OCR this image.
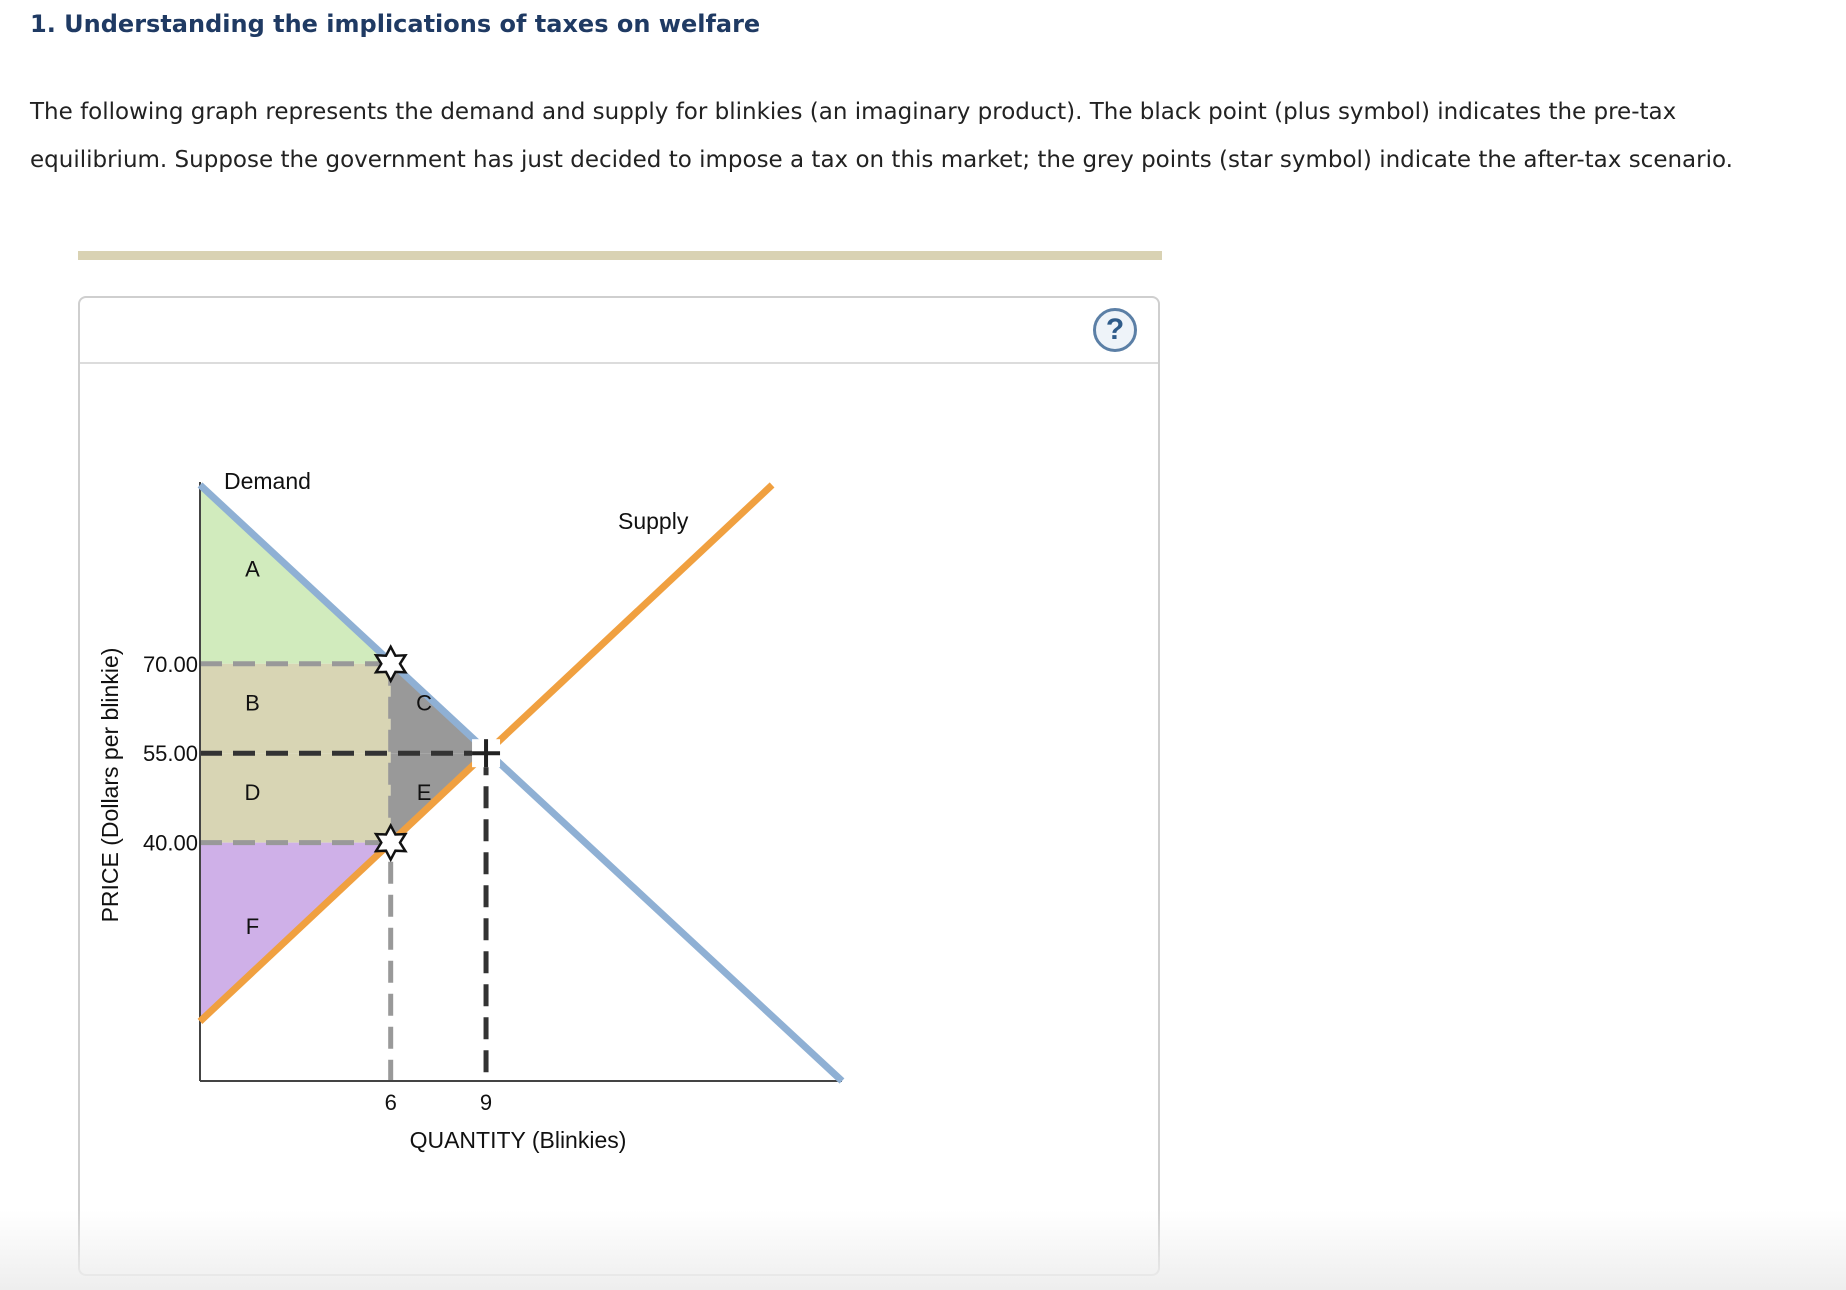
1. Understanding the implications of taxes on welfare

The following graph represents the demand and supply for blinkies (an imaginary product). The black point (plus symbol) indicates the pre-tax
equilibrium. Suppose the government has just decided to impose a tax on this market; the grey points (star symbol) indicate the after-tax scenario.

?
QUANTITY (Blinkies)
PRICE (Dollars per blinkie)
Demand
Supply
A
B	C
D	E
F
40.00
55.00
70.00
6	9
